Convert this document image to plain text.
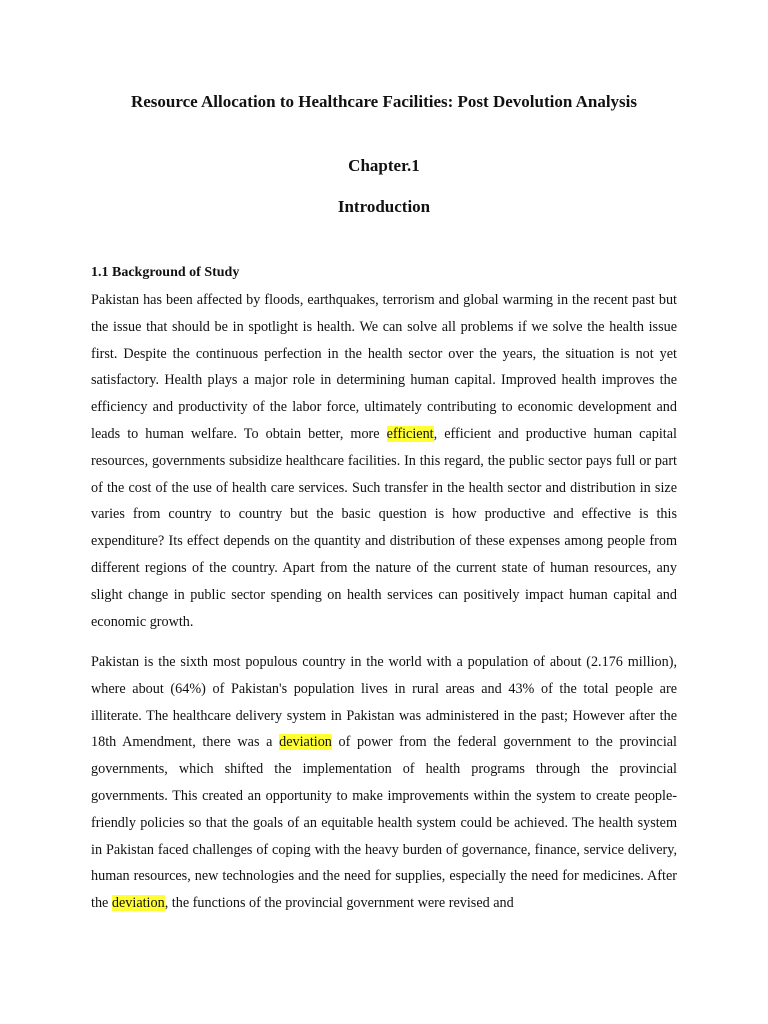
Resource Allocation to Healthcare Facilities: Post Devolution Analysis
Chapter.1
Introduction
1.1 Background of Study

Pakistan has been affected by floods, earthquakes, terrorism and global warming in the recent past but the issue that should be in spotlight is health. We can solve all problems if we solve the health issue first. Despite the continuous perfection in the health sector over the years, the situation is not yet satisfactory. Health plays a major role in determining human capital. Improved health improves the efficiency and productivity of the labor force, ultimately contributing to economic development and leads to human welfare. To obtain better, more efficient, efficient and productive human capital resources, governments subsidize healthcare facilities. In this regard, the public sector pays full or part of the cost of the use of health care services. Such transfer in the health sector and distribution in size varies from country to country but the basic question is how productive and effective is this expenditure? Its effect depends on the quantity and distribution of these expenses among people from different regions of the country. Apart from the nature of the current state of human resources, any slight change in public sector spending on health services can positively impact human capital and economic growth.

Pakistan is the sixth most populous country in the world with a population of about (2.176 million), where about (64%) of Pakistan's population lives in rural areas and 43% of the total people are illiterate. The healthcare delivery system in Pakistan was administered in the past; However after the 18th Amendment, there was a deviation of power from the federal government to the provincial governments, which shifted the implementation of health programs through the provincial governments. This created an opportunity to make improvements within the system to create people-friendly policies so that the goals of an equitable health system could be achieved. The health system in Pakistan faced challenges of coping with the heavy burden of governance, finance, service delivery, human resources, new technologies and the need for supplies, especially the need for medicines. After the deviation, the functions of the provincial government were revised and
